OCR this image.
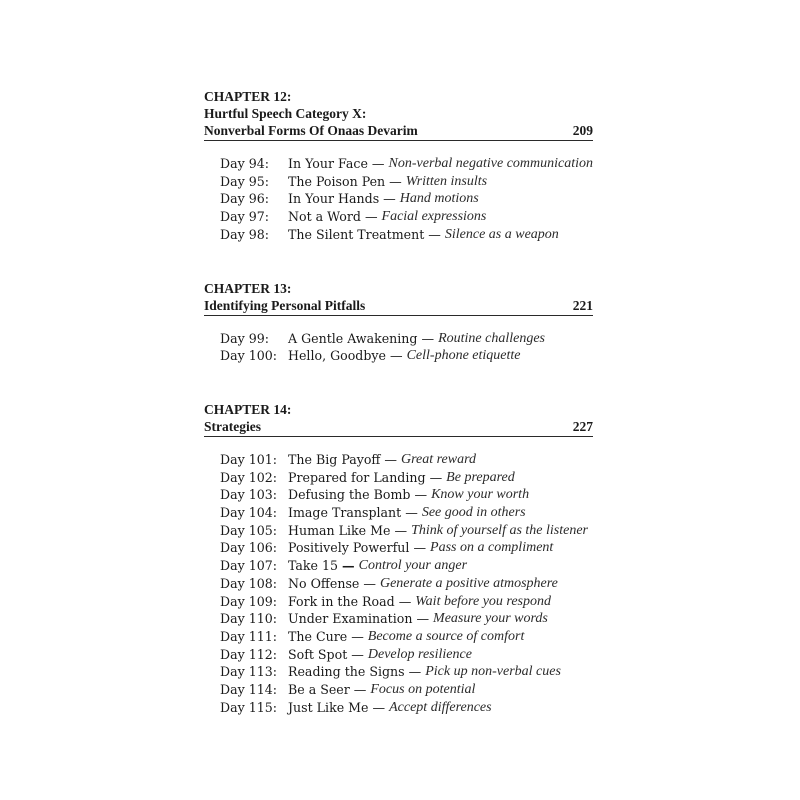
CHAPTER 12:
Hurtful Speech Category X:
Nonverbal Forms Of Onaas Devarim	209
Day 94:	In Your Face — Non-verbal negative communication
Day 95:	The Poison Pen — Written insults
Day 96:	In Your Hands — Hand motions
Day 97:	Not a Word — Facial expressions
Day 98:	The Silent Treatment — Silence as a weapon
CHAPTER 13:
Identifying Personal Pitfalls	221
Day 99:	A Gentle Awakening — Routine challenges
Day 100: Hello, Goodbye — Cell-phone etiquette
CHAPTER 14:
Strategies	227
Day 101: The Big Payoff — Great reward
Day 102: Prepared for Landing — Be prepared
Day 103: Defusing the Bomb — Know your worth
Day 104: Image Transplant — See good in others
Day 105: Human Like Me — Think of yourself as the listener
Day 106: Positively Powerful — Pass on a compliment
Day 107: Take 15 — Control your anger
Day 108: No Offense — Generate a positive atmosphere
Day 109: Fork in the Road — Wait before you respond
Day 110: Under Examination — Measure your words
Day 111: The Cure — Become a source of comfort
Day 112: Soft Spot — Develop resilience
Day 113: Reading the Signs — Pick up non-verbal cues
Day 114: Be a Seer — Focus on potential
Day 115: Just Like Me — Accept differences
